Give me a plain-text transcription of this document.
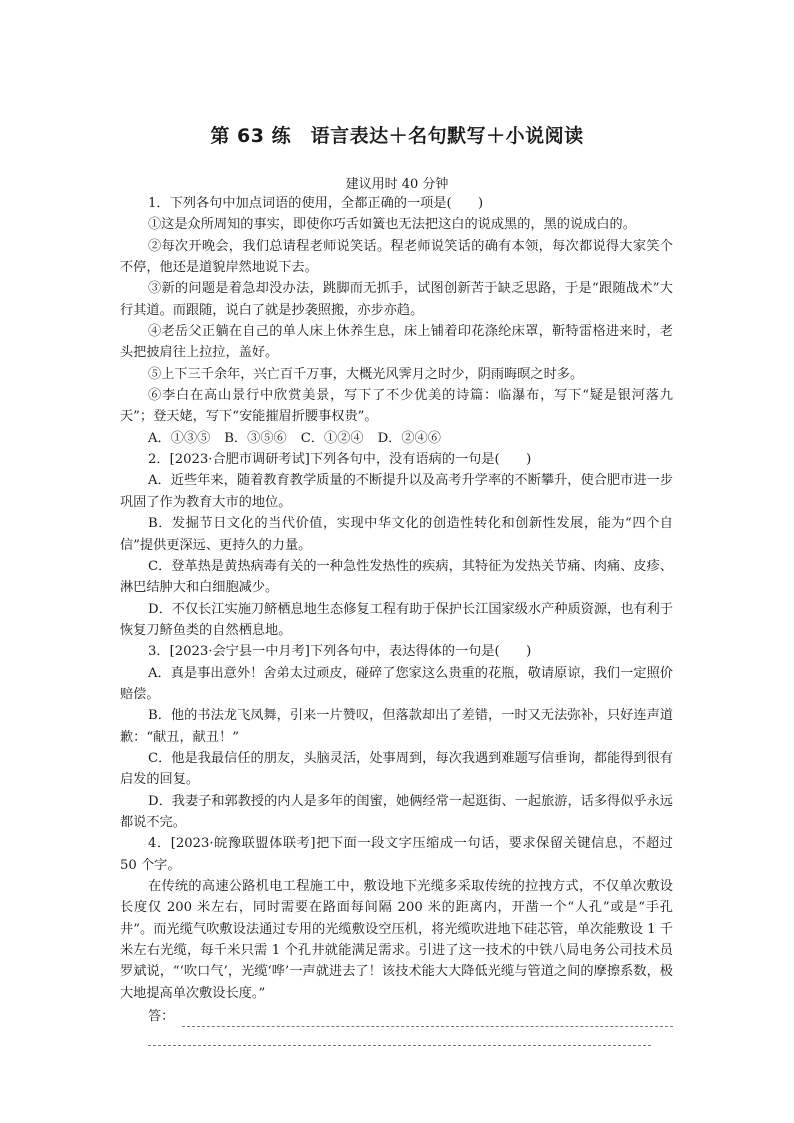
第 63 练　语言表达＋名句默写＋小说阅读
建议用时 40 分钟

1．下列各句中加点词语的使用，全都正确的一项是(　　)

①这是众所周知的事实，即使你巧舌如簧也无法把这白的说成黑的，黑的说成白的。

②每次开晚会，我们总请程老师说笑话。程老师说笑话的确有本领，每次都说得大家笑个不停，他还是道貌岸然地说下去。

③新的问题是着急却没办法，跳脚而无抓手，试图创新苦于缺乏思路，于是“跟随战术”大行其道。而跟随，说白了就是抄袭照搬，亦步亦趋。

④老岳父正躺在自己的单人床上休养生息，床上铺着印花涤纶床罩，靳特雷格进来时，老头把披肩往上拉拉，盖好。

⑤上下三千余年，兴亡百千万事，大概光风霁月之时少，阴雨晦暝之时多。

⑥李白在高山景行中欣赏美景，写下了不少优美的诗篇：临瀑布，写下“疑是银河落九天”；登天姥，写下“安能摧眉折腰事权贵”。

A．①③⑤ B．③⑤⑥ C．①②④ D．②④⑥

2．[2023·合肥市调研考试]下列各句中，没有语病的一句是(　　)

A．近些年来，随着教育教学质量的不断提升以及高考升学率的不断攀升，使合肥市进一步巩固了作为教育大市的地位。

B．发掘节日文化的当代价值，实现中华文化的创造性转化和创新性发展，能为“四个自信”提供更深远、更持久的力量。

C．登革热是黄热病毒有关的一种急性发热性的疾病，其特征为发热关节痛、肉痛、皮疹、淋巴结肿大和白细胞减少。

D．不仅长江实施刀鲚栖息地生态修复工程有助于保护长江国家级水产种质资源，也有利于恢复刀鲚鱼类的自然栖息地。

3．[2023·会宁县一中月考]下列各句中，表达得体的一句是(　　)

A．真是事出意外！舍弟太过顽皮，碰碎了您家这么贵重的花瓶，敬请原谅，我们一定照价赔偿。

B．他的书法龙飞凤舞，引来一片赞叹，但落款却出了差错，一时又无法弥补，只好连声道歉：“献丑，献丑！”

C．他是我最信任的朋友，头脑灵活，处事周到，每次我遇到难题写信垂询，都能得到很有启发的回复。

D．我妻子和郭教授的内人是多年的闺蜜，她俩经常一起逛街、一起旅游，话多得似乎永远都说不完。

4．[2023·皖豫联盟体联考]把下面一段文字压缩成一句话，要求保留关键信息，不超过 50 个字。

在传统的高速公路机电工程施工中，敷设地下光缆多采取传统的拉拽方式，不仅单次敷设长度仅 200 米左右，同时需要在路面每间隔 200 米的距离内，开凿一个“人孔”或是“手孔井”。而光缆气吹敷设法通过专用的光缆敷设空压机，将光缆吹进地下硅芯管，单次能敷设 1 千米左右光缆，每千米只需 1 个孔井就能满足需求。引进了这一技术的中铁八局电务公司技术员罗斌说，“‘吹口气’，光缆‘哗’一声就进去了！该技术能大大降低光缆与管道之间的摩擦系数，极大地提高单次敷设长度。”

答：
